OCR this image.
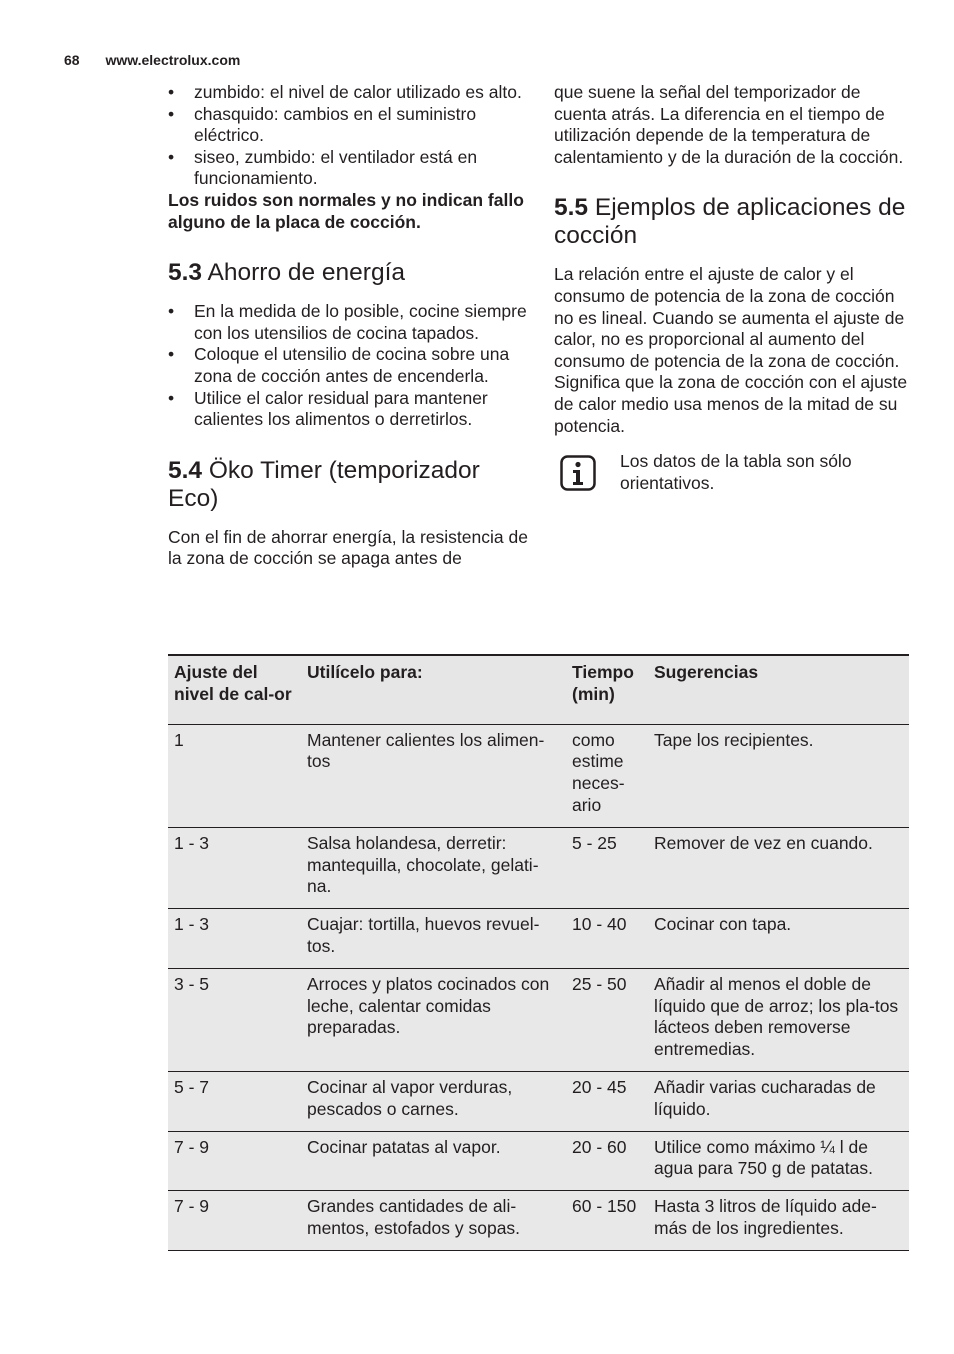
68 www.electrolux.com
• zumbido: el nivel de calor utilizado es alto.
• chasquido: cambios en el suministro eléctrico.
• siseo, zumbido: el ventilador está en funcionamiento.

Los ruidos son normales y no indican fallo alguno de la placa de cocción.

5.3 Ahorro de energía
• En la medida de lo posible, cocine siempre con los utensilios de cocina tapados.
• Coloque el utensilio de cocina sobre una zona de cocción antes de encenderla.
• Utilice el calor residual para mantener calientes los alimentos o derretirlos.
5.4 Öko Timer (temporizador Eco)

Con el fin de ahorrar energía, la resistencia de la zona de cocción se apaga antes de

que suene la señal del temporizador de cuenta atrás. La diferencia en el tiempo de utilización depende de la temperatura de calentamiento y de la duración de la cocción.

5.5 Ejemplos de aplicaciones de cocción

La relación entre el ajuste de calor y el consumo de potencia de la zona de cocción no es lineal. Cuando se aumenta el ajuste de calor, no es proporcional al aumento del consumo de potencia de la zona de cocción. Significa que la zona de cocción con el ajuste de calor medio usa menos de la mitad de su potencia.

Los datos de la tabla son sólo orientativos.

Ajuste del nivel de cal-or	Utilícelo para:	Tiempo (min)	Sugerencias
1	Mantener calientes los alimen-tos	como estime neces-ario	Tape los recipientes.
1 - 3	Salsa holandesa, derretir: mantequilla, chocolate, gelati-na.	5 - 25	Remover de vez en cuando.
1 - 3	Cuajar: tortilla, huevos revuel-tos.	10 - 40	Cocinar con tapa.
3 - 5	Arroces y platos cocinados con leche, calentar comidas preparadas.	25 - 50	Añadir al menos el doble de líquido que de arroz; los pla-tos lácteos deben removerse entremedias.
5 - 7	Cocinar al vapor verduras, pescados o carnes.	20 - 45	Añadir varias cucharadas de líquido.
7 - 9	Cocinar patatas al vapor.	20 - 60	Utilice como máximo ¼ l de agua para 750 g de patatas.
7 - 9	Grandes cantidades de ali-mentos, estofados y sopas.	60 - 150	Hasta 3 litros de líquido ade-más de los ingredientes.
